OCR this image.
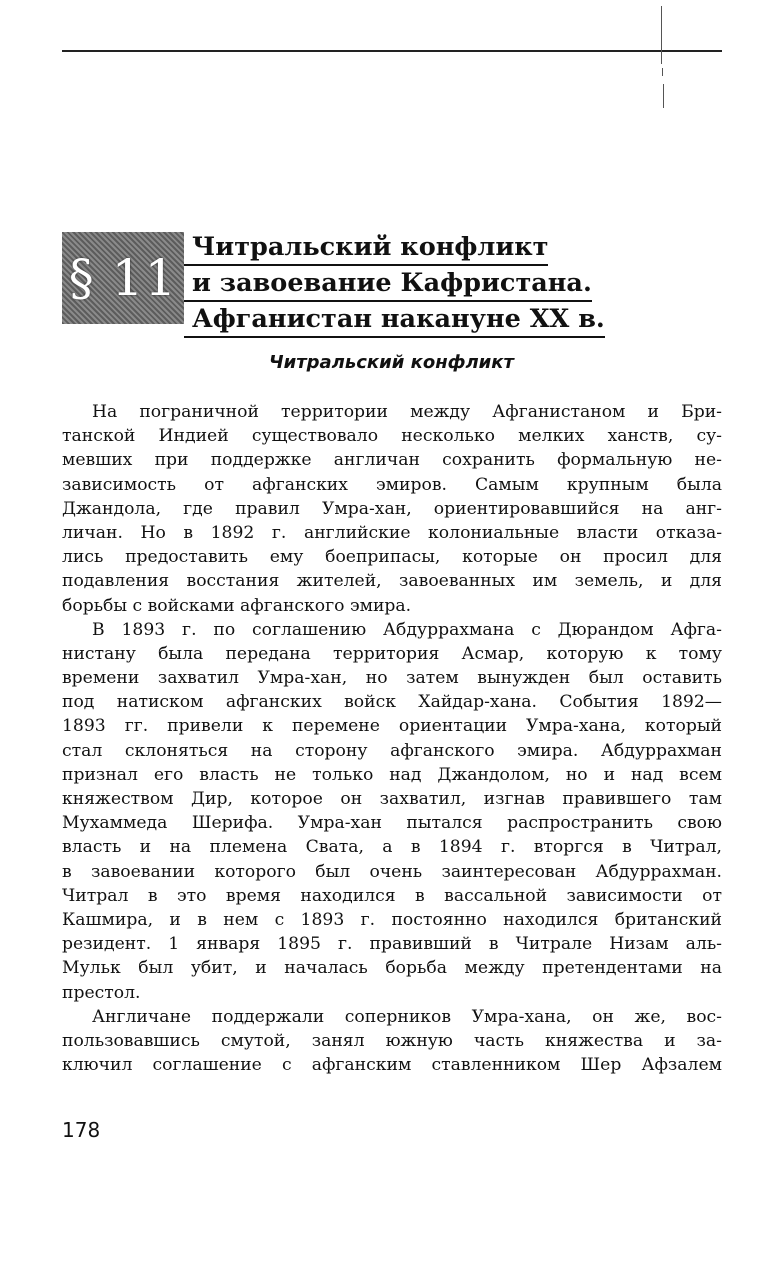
§ 11
Читральский конфликт
и завоевание Кафристана.
Афганистан накануне XX в.
Читральский конфликт
На пограничной территории между Афганистаном и Бри-
танской Индией существовало несколько мелких ханств, су-
мевших при поддержке англичан сохранить формальную не-
зависимость от афганских эмиров. Самым крупным была
Джандола, где правил Умра-хан, ориентировавшийся на анг-
личан. Но в 1892 г. английские колониальные власти отказа-
лись предоставить ему боеприпасы, которые он просил для
подавления восстания жителей, завоеванных им земель, и для
борьбы с войсками афганского эмира.
В 1893 г. по соглашению Абдуррахмана с Дюрандом Афга-
нистану была передана территория Асмар, которую к тому
времени захватил Умра-хан, но затем вынужден был оставить
под натиском афганских войск Хайдар-хана. События 1892—
1893 гг. привели к перемене ориентации Умра-хана, который
стал склоняться на сторону афганского эмира. Абдуррахман
признал его власть не только над Джандолом, но и над всем
княжеством Дир, которое он захватил, изгнав правившего там
Мухаммеда Шерифа. Умра-хан пытался распространить свою
власть и на племена Свата, а в 1894 г. вторгся в Читрал,
в завоевании которого был очень заинтересован Абдуррахман.
Читрал в это время находился в вассальной зависимости от
Кашмира, и в нем с 1893 г. постоянно находился британский
резидент. 1 января 1895 г. правивший в Читрале Низам аль-
Мульк был убит, и началась борьба между претендентами на
престол.
Англичане поддержали соперников Умра-хана, он же, вос-
пользовавшись смутой, занял южную часть княжества и за-
ключил соглашение с афганским ставленником Шер Афзалем
178
